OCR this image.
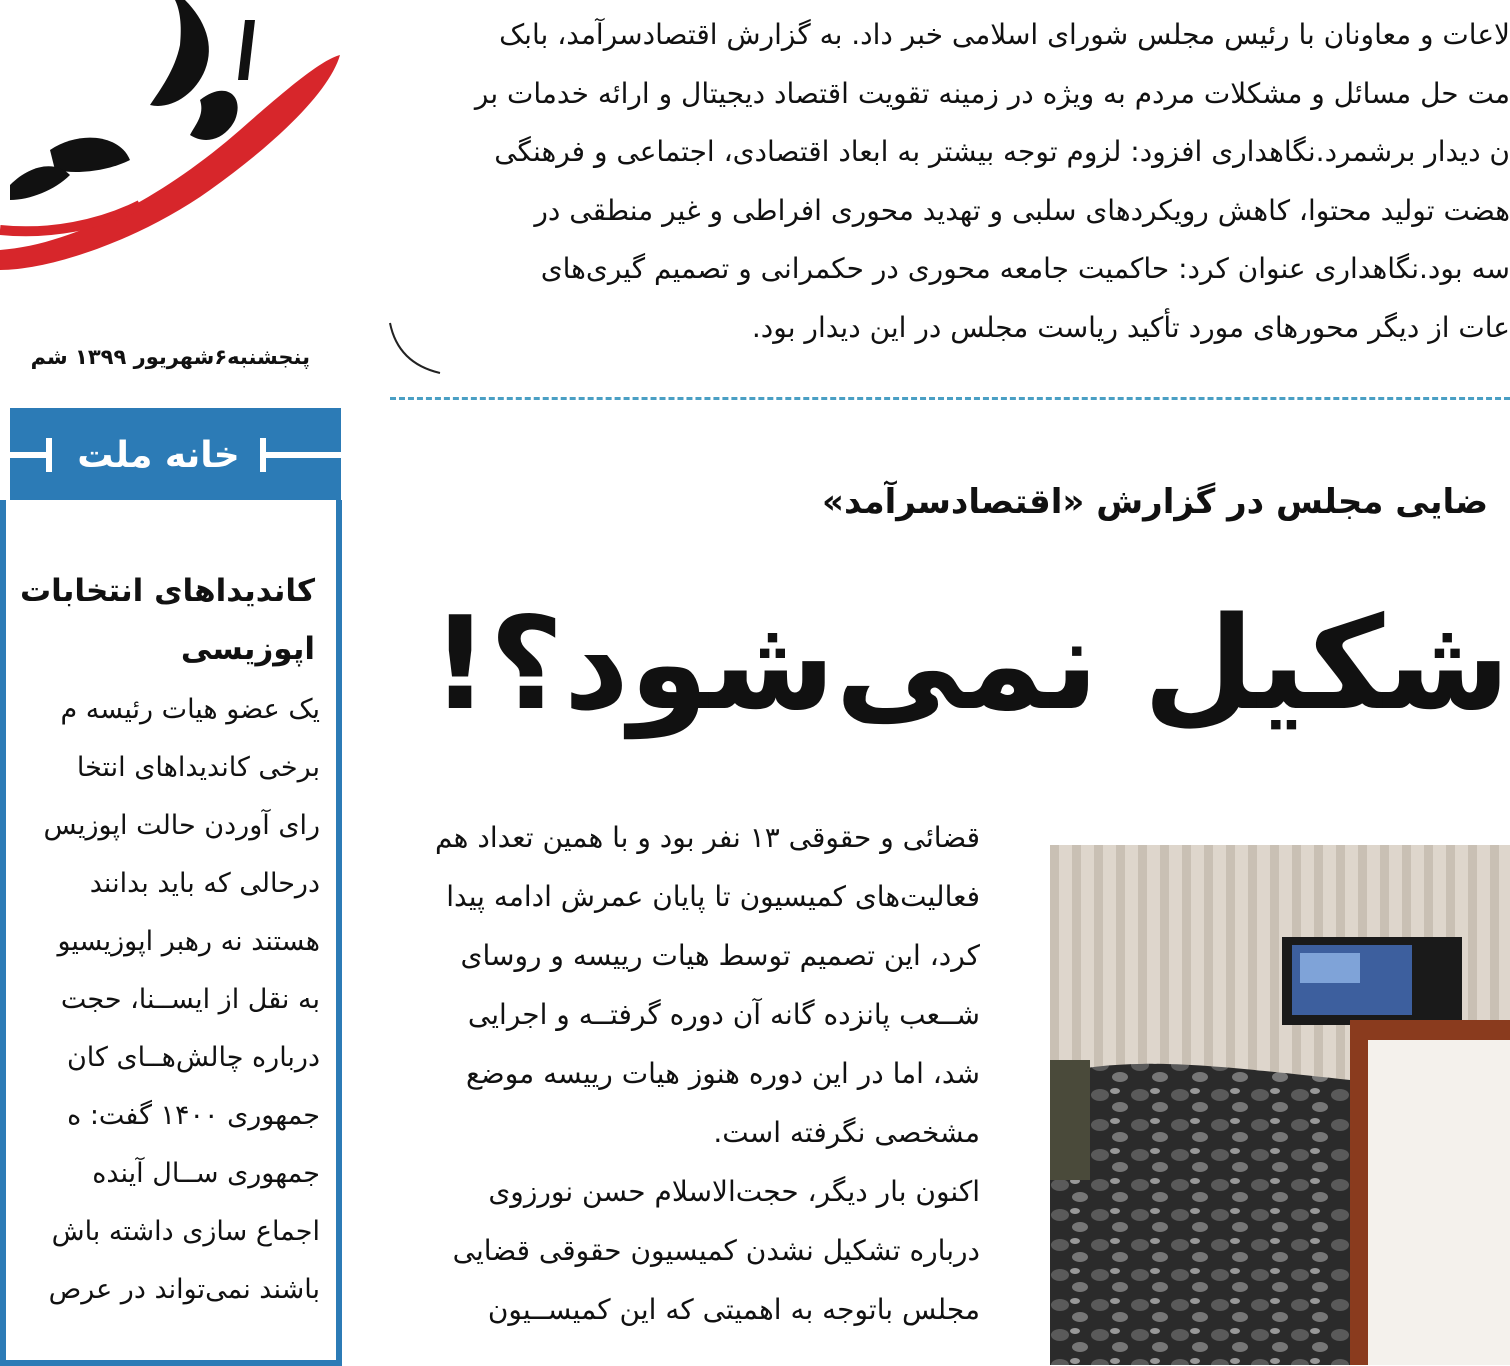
پنجشنبه۶شهریور ۱۳۹۹ شم
خانه ملت
کاندیداهای انتخابات
اپوزیسی
یک عضو هیات رئیسه م
برخی کاندیداهای انتخا
رای آوردن حالت اپوزیس
درحالی که باید بدانند
هستند نه رهبر اپوزیسیو
به نقل از ایســنا، حجت
درباره چالش‌هــای کان
جمهوری ۱۴۰۰ گفت: ه
جمهوری ســال آینده
اجماع سازی داشته باش
باشند نمی‌تواند در عرص
لاعات و معاونان با رئیس مجلس شورای اسلامی خبر داد. به گزارش اقتصادسرآمد، بابک
مت حل مسائل و مشکلات مردم به ویژه در زمینه تقویت اقتصاد دیجیتال و ارائه خدمات بر
ن دیدار برشمرد.نگاهداری افزود: لزوم توجه بیشتر به ابعاد اقتصادی، اجتماعی و فرهنگی
هضت تولید محتوا، کاهش رویکردهای سلبی و تهدید محوری افراطی و غیر منطقی در
سه بود.نگاهداری عنوان کرد: حاکمیت جامعه محوری در حکمرانی و تصمیم گیری‌های
عات از دیگر محورهای مورد تأکید ریاست مجلس در این دیدار بود.
ضایی مجلس در گزارش «اقتصادسرآمد»
شکیل نمی‌شود؟!
قضائی و حقوقی ۱۳ نفر بود و با همین تعداد هم
فعالیت‌های کمیسیون تا پایان عمرش ادامه پیدا
کرد، این تصمیم توسط هیات رییسه و روسای
شــعب پانزده گانه آن دوره گرفتــه و اجرایی
شد، اما در این دوره هنوز هیات رییسه موضع
مشخصی نگرفته است.
اکنون بار دیگر، حجت‌الاسلام حسن نورزوی
درباره تشکیل نشدن کمیسیون حقوقی قضایی
مجلس باتوجه به اهمیتی که این کمیســیون
